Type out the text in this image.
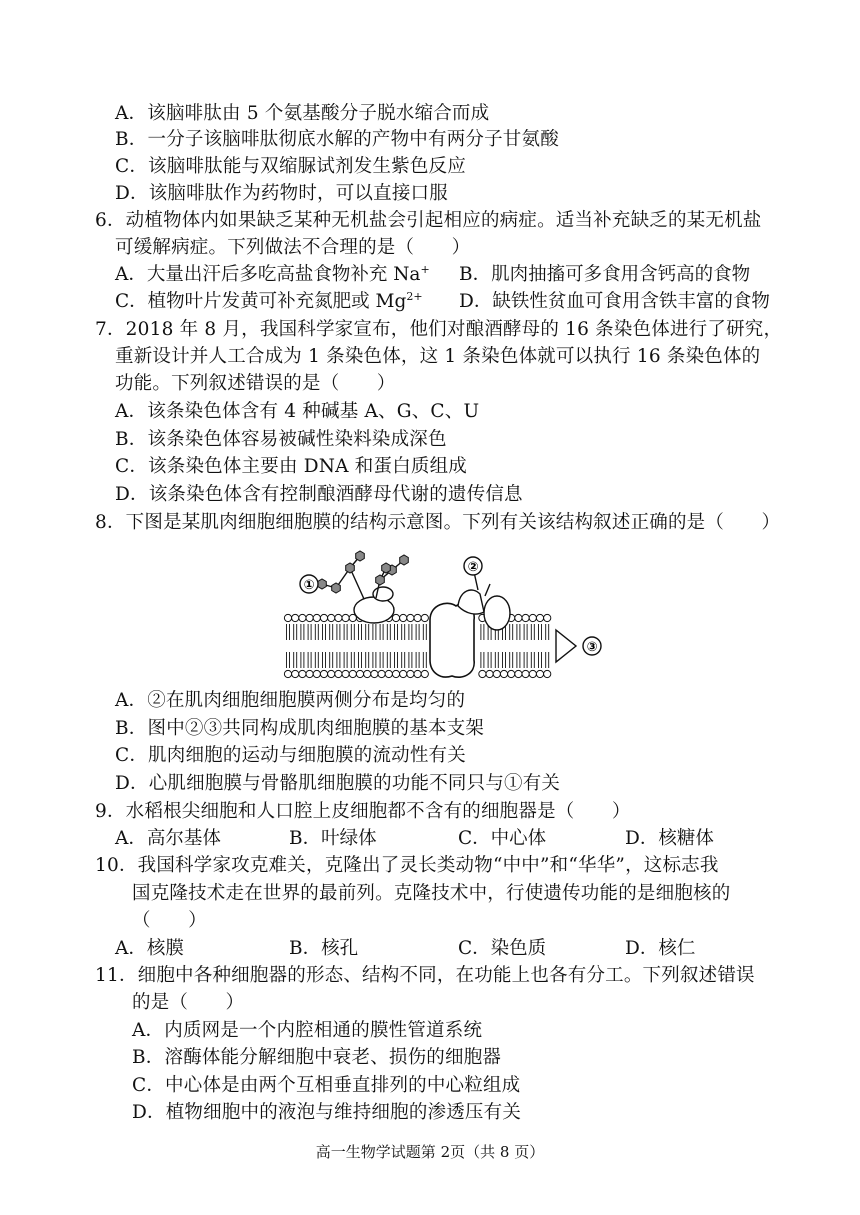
A．该脑啡肽由 5 个氨基酸分子脱水缩合而成
B．一分子该脑啡肽彻底水解的产物中有两分子甘氨酸
C．该脑啡肽能与双缩脲试剂发生紫色反应
D．该脑啡肽作为药物时，可以直接口服
6．动植物体内如果缺乏某种无机盐会引起相应的病症。适当补充缺乏的某无机盐
可缓解病症。下列做法不合理的是（　　）
A．大量出汗后多吃高盐食物补充 Na+ B．肌肉抽搐可多食用含钙高的食物
C．植物叶片发黄可补充氮肥或 $Mg^{2+}$ D．缺铁性贫血可食用含铁丰富的食物
7．2018 年 8 月，我国科学家宣布，他们对酿酒酵母的 16 条染色体进行了研究，
重新设计并人工合成为 1 条染色体，这 1 条染色体就可以执行 16 条染色体的
功能。下列叙述错误的是（　　）
A．该条染色体含有 4 种碱基 A、G、C、U
B．该条染色体容易被碱性染料染成深色
C．该条染色体主要由 DNA 和蛋白质组成
D．该条染色体含有控制酿酒酵母代谢的遗传信息
8．下图是某肌肉细胞细胞膜的结构示意图。下列有关该结构叙述正确的是（　　）
①
②
③
A．②在肌肉细胞细胞膜两侧分布是均匀的
B．图中②③共同构成肌肉细胞膜的基本支架
C．肌肉细胞的运动与细胞膜的流动性有关
D．心肌细胞膜与骨骼肌细胞膜的功能不同只与①有关
9．水稻根尖细胞和人口腔上皮细胞都不含有的细胞器是（　　）
A．高尔基体	B．叶绿体	C．中心体	D．核糖体
10．我国科学家攻克难关，克隆出了灵长类动物“中中”和“华华”，这标志我
国克隆技术走在世界的最前列。克隆技术中，行使遗传功能的是细胞核的
（　　）
A．核膜	B．核孔	C．染色质	D．核仁
11．细胞中各种细胞器的形态、结构不同，在功能上也各有分工。下列叙述错误
的是（　　）
A．内质网是一个内腔相通的膜性管道系统
B．溶酶体能分解细胞中衰老、损伤的细胞器
C．中心体是由两个互相垂直排列的中心粒组成
D．植物细胞中的液泡与维持细胞的渗透压有关
高一生物学试题第 2页（共 8 页）
